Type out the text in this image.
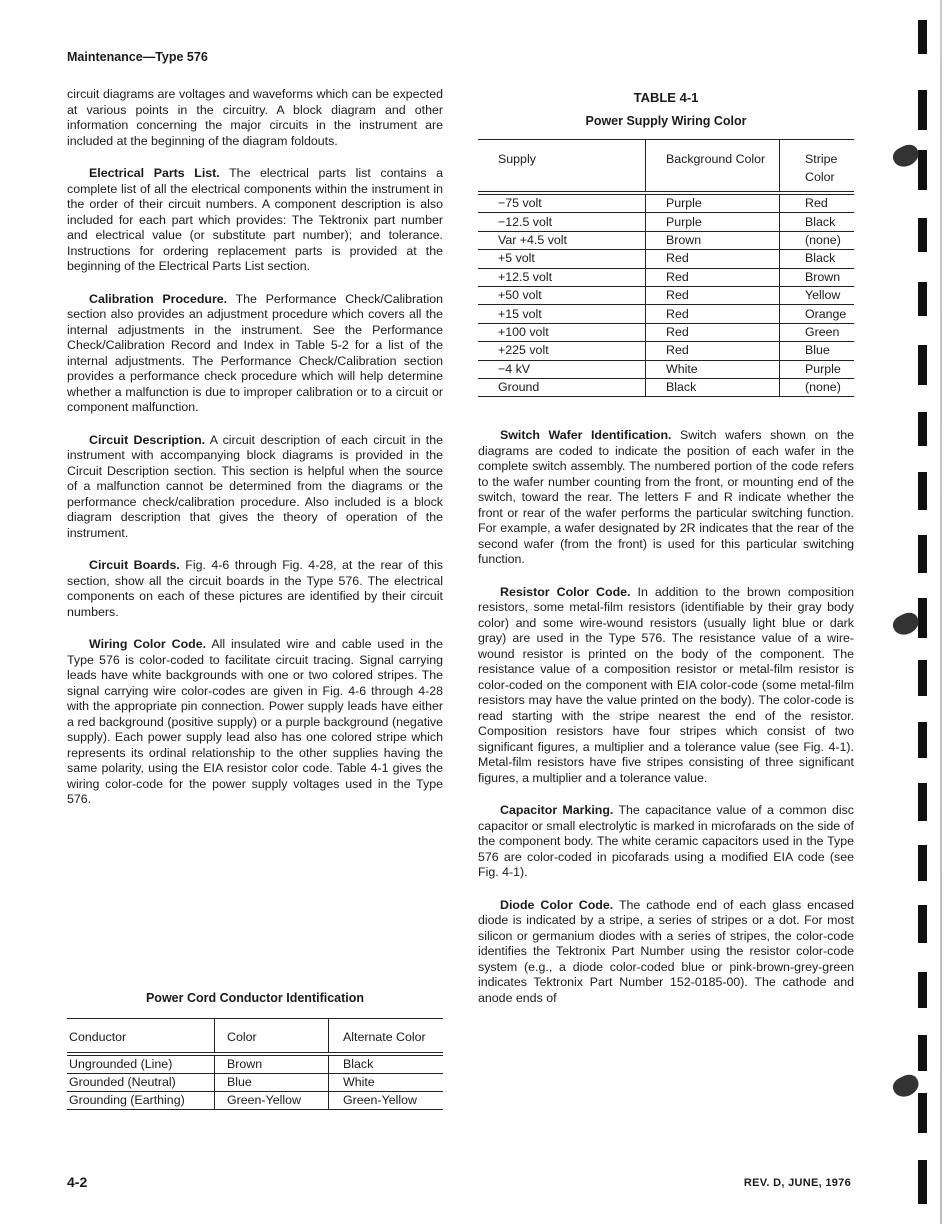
Maintenance—Type 576

circuit diagrams are voltages and waveforms which can be expected at various points in the circuitry. A block diagram and other information concerning the major circuits in the instrument are included at the beginning of the diagram foldouts.

Electrical Parts List. The electrical parts list contains a complete list of all the electrical components within the instrument in the order of their circuit numbers. A component description is also included for each part which provides: The Tektronix part number and electrical value (or substitute part number); and tolerance. Instructions for ordering replacement parts is provided at the beginning of the Electrical Parts List section.

Calibration Procedure. The Performance Check/Calibration section also provides an adjustment procedure which covers all the internal adjustments in the instrument. See the Performance Check/Calibration Record and Index in Table 5-2 for a list of the internal adjustments. The Performance Check/Calibration section provides a performance check procedure which will help determine whether a malfunction is due to improper calibration or to a circuit or component malfunction.

Circuit Description. A circuit description of each circuit in the instrument with accompanying block diagrams is provided in the Circuit Description section. This section is helpful when the source of a malfunction cannot be determined from the diagrams or the performance check/calibration procedure. Also included is a block diagram description that gives the theory of operation of the instrument.

Circuit Boards. Fig. 4-6 through Fig. 4-28, at the rear of this section, show all the circuit boards in the Type 576. The electrical components on each of these pictures are identified by their circuit numbers.

Wiring Color Code. All insulated wire and cable used in the Type 576 is color-coded to facilitate circuit tracing. Signal carrying leads have white backgrounds with one or two colored stripes. The signal carrying wire color-codes are given in Fig. 4-6 through 4-28 with the appropriate pin connection. Power supply leads have either a red background (positive supply) or a purple background (negative supply). Each power supply lead also has one colored stripe which represents its ordinal relationship to the other supplies having the same polarity, using the EIA resistor color code. Table 4-1 gives the wiring color-code for the power supply voltages used in the Type 576.

TABLE 4-1
Power Supply Wiring Color
Supply	Background Color	Stripe Color
−75 volt	Purple	Red
−12.5 volt	Purple	Black
Var +4.5 volt	Brown	(none)
+5 volt	Red	Black
+12.5 volt	Red	Brown
+50 volt	Red	Yellow
+15 volt	Red	Orange
+100 volt	Red	Green
+225 volt	Red	Blue
−4 kV	White	Purple
Ground	Black	(none)

Switch Wafer Identification. Switch wafers shown on the diagrams are coded to indicate the position of each wafer in the complete switch assembly. The numbered portion of the code refers to the wafer number counting from the front, or mounting end of the switch, toward the rear. The letters F and R indicate whether the front or rear of the wafer performs the particular switching function. For example, a wafer designated by 2R indicates that the rear of the second wafer (from the front) is used for this particular switching function.

Resistor Color Code. In addition to the brown composition resistors, some metal-film resistors (identifiable by their gray body color) and some wire-wound resistors (usually light blue or dark gray) are used in the Type 576. The resistance value of a wire-wound resistor is printed on the body of the component. The resistance value of a composition resistor or metal-film resistor is color-coded on the component with EIA color-code (some metal-film resistors may have the value printed on the body). The color-code is read starting with the stripe nearest the end of the resistor. Composition resistors have four stripes which consist of two significant figures, a multiplier and a tolerance value (see Fig. 4-1). Metal-film resistors have five stripes consisting of three significant figures, a multiplier and a tolerance value.

Capacitor Marking. The capacitance value of a common disc capacitor or small electrolytic is marked in microfarads on the side of the component body. The white ceramic capacitors used in the Type 576 are color-coded in picofarads using a modified EIA code (see Fig. 4-1).

Diode Color Code. The cathode end of each glass encased diode is indicated by a stripe, a series of stripes or a dot. For most silicon or germanium diodes with a series of stripes, the color-code identifies the Tektronix Part Number using the resistor color-code system (e.g., a diode color-coded blue or pink-brown-grey-green indicates Tektronix Part Number 152-0185-00). The cathode and anode ends of

Power Cord Conductor Identification
Conductor	Color	Alternate Color
Ungrounded (Line)	Brown	Black
Grounded (Neutral)	Blue	White
Grounding (Earthing)	Green-Yellow	Green-Yellow
4-2	REV. D, JUNE, 1976
